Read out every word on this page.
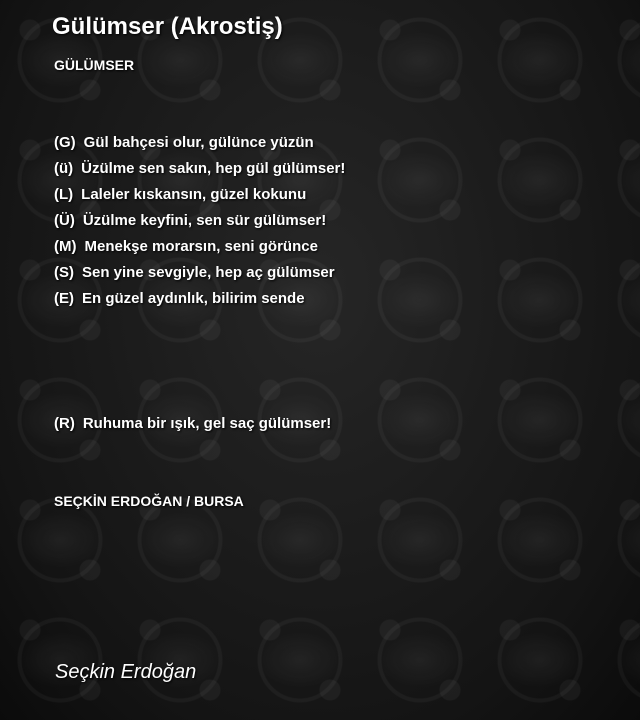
Gülümser (Akrostiş)
GÜLÜMSER
(G) Gül bahçesi olur, gülünce yüzün
(ü) Üzülme sen sakın, hep gül gülümser!
(L) Laleler kıskansın, güzel kokunu
(Ü) Üzülme keyfini, sen sür gülümser!
(M) Menekşe morarsın, seni görünce
(S) Sen yine sevgiyle, hep aç gülümser
(E) En güzel aydınlık, bilirim sende
(R) Ruhuma bir ışık, gel saç gülümser!
SEÇKİN ERDOĞAN / BURSA
Seçkin Erdoğan
